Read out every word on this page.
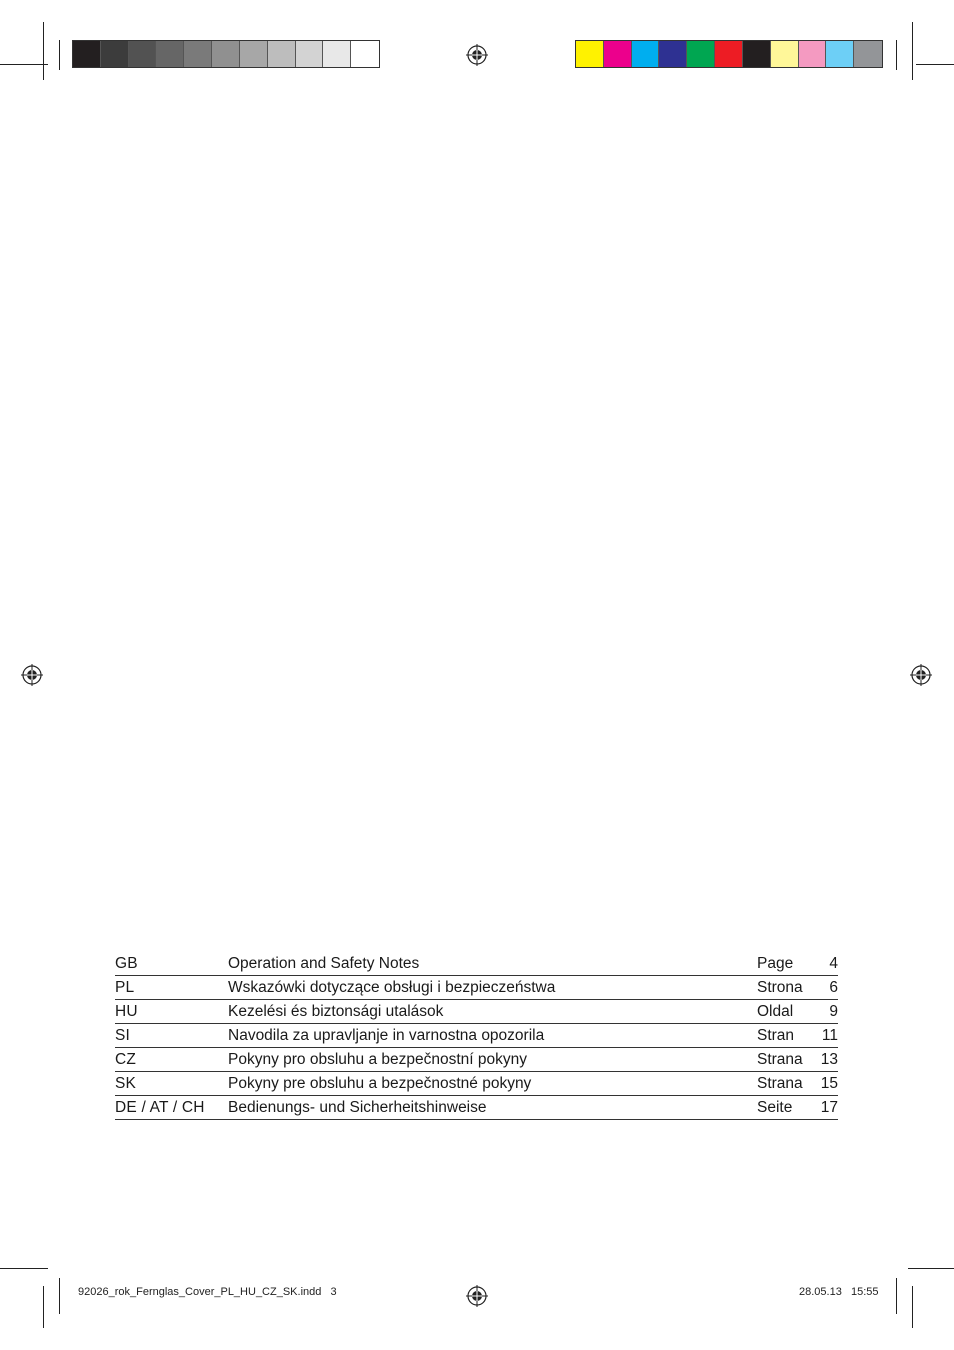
GB	Operation and Safety Notes	Page	4
PL	Wskazówki dotyczące obsługi i bezpieczeństwa	Strona	6
HU	Kezelési és biztonsági utalások	Oldal	9
SI	Navodila za upravljanje in varnostna opozorila	Stran	11
CZ	Pokyny pro obsluhu a bezpečnostní pokyny	Strana	13
SK	Pokyny pre obsluhu a bezpečnostné pokyny	Strana	15
DE / AT / CH	Bedienungs- und Sicherheitshinweise	Seite	17
92026_rok_Fernglas_Cover_PL_HU_CZ_SK.indd   3	28.05.13   15:55
